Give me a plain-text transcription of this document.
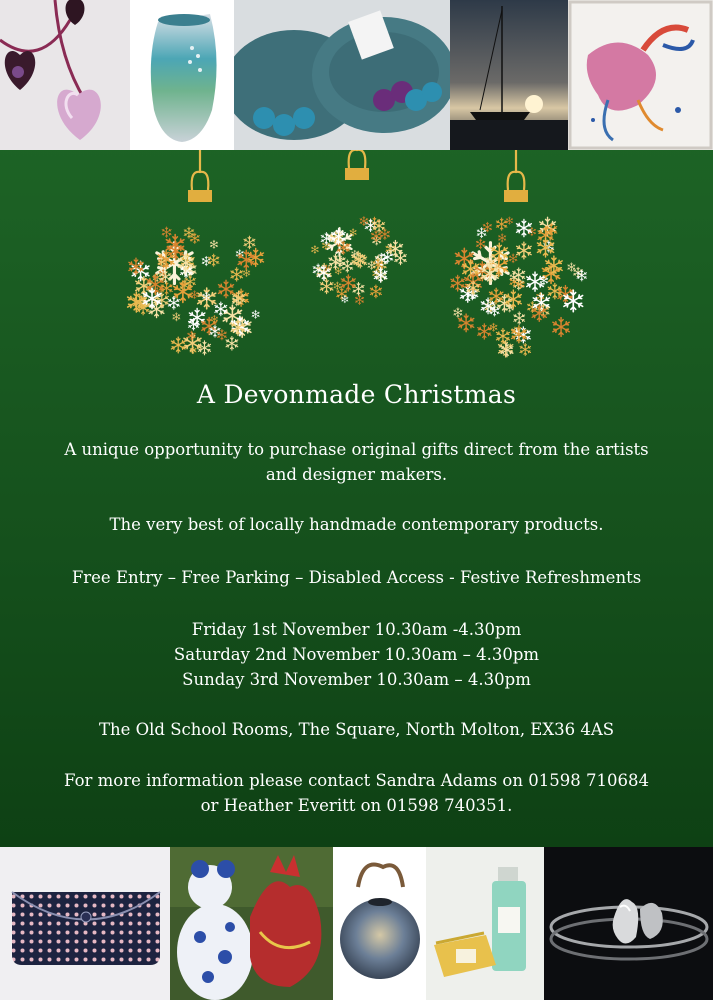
A Devonmade Christmas
A unique opportunity to purchase original gifts direct from the artists
and designer makers.
The very best of locally handmade contemporary products.
Free Entry – Free Parking – Disabled Access - Festive Refreshments
Friday 1st November 10.30am -4.30pm
Saturday 2nd November 10.30am – 4.30pm
Sunday 3rd November 10.30am – 4.30pm
The Old School Rooms, The Square, North Molton, EX36 4AS
For more information please contact Sandra Adams on 01598 710684
or Heather Everitt on 01598 740351.
